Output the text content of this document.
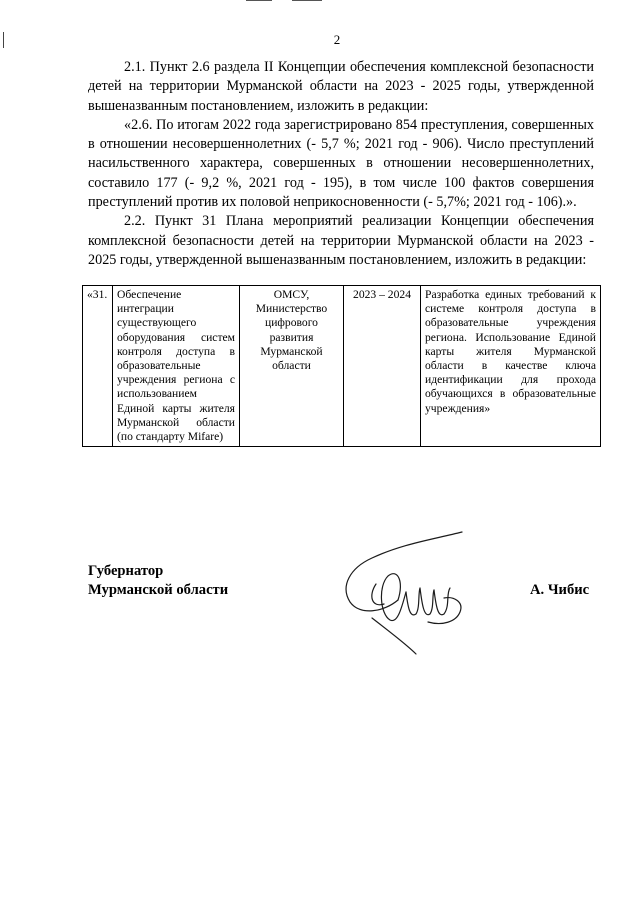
2

2.1. Пункт 2.6 раздела II Концепции обеспечения комплексной безопасности детей на территории Мурманской области на 2023 - 2025 годы, утвержденной вышеназванным постановлением, изложить в редакции:

«2.6. По итогам 2022 года зарегистрировано 854 преступления, совершенных в отношении несовершеннолетних (- 5,7 %; 2021 год - 906). Число преступлений насильственного характера, совершенных в отношении несовершеннолетних, составило 177 (- 9,2 %, 2021 год - 195), в том числе 100 фактов совершения преступлений против их половой неприкосновенности (- 5,7%; 2021 год - 106).».

2.2. Пункт 31 Плана мероприятий реализации Концепции обеспечения комплексной безопасности детей на территории Мурманской области на 2023 - 2025 годы, утвержденной вышеназванным постановлением, изложить в редакции:

«31.	Обеспечение интеграции существующего оборудования систем контроля доступа в образовательные учреждения региона с использованием Единой карты жителя Мурманской области (по стандарту Mifare)	ОМСУ, Министерство цифрового развития Мурманской области	2023 – 2024	Разработка единых требований к системе контроля доступа в образовательные учреждения региона. Использование Единой карты жителя Мурманской области в качестве ключа идентификации для прохода обучающихся в образовательные учреждения»
Губернатор
Мурманской области	А. Чибис
